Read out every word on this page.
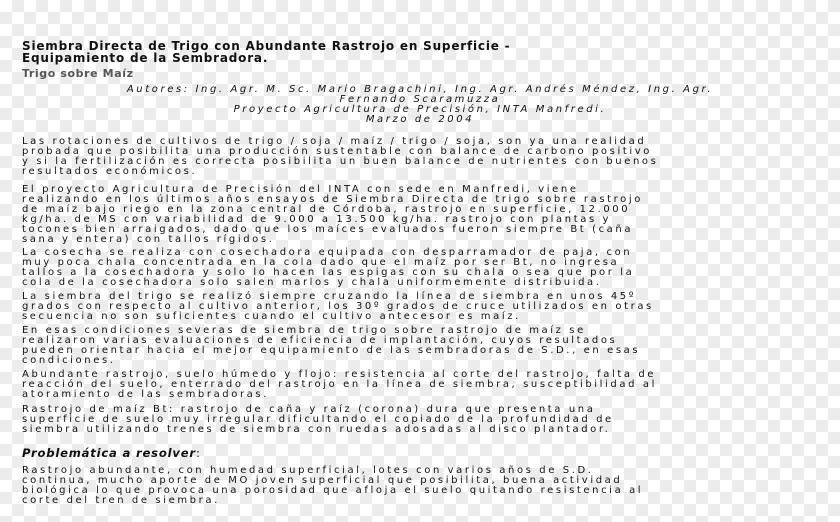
Siembra Directa de Trigo con Abundante Rastrojo en Superficie -
Equipamiento de la Sembradora.
Trigo sobre Maíz
Autores: Ing. Agr. M. Sc. Mario Bragachini, Ing. Agr. Andrés Méndez, Ing. Agr.
Fernando Scaramuzza
Proyecto Agricultura de Precisión, INTA Manfredi.
Marzo de 2004
Las rotaciones de cultivos de trigo / soja / maíz / trigo / soja, son ya una realidad
probada que posibilita una producción sustentable con balance de carbono positivo
y si la fertilización es correcta posibilita un buen balance de nutrientes con buenos
resultados económicos.
El proyecto Agricultura de Precisión del INTA con sede en Manfredi, viene
realizando en los últimos años ensayos de Siembra Directa de trigo sobre rastrojo
de maíz bajo riego en la zona central de Córdoba, rastrojo en superficie, 12.000
kg/ha. de MS con variabilidad de 9.000 a 13.500 kg/ha. rastrojo con plantas y
tocones bien arraigados, dado que los maíces evaluados fueron siempre Bt (caña
sana y entera) con tallos rígidos.
La cosecha se realiza con cosechadora equipada con desparramador de paja, con
muy poca chala concentrada en la cola dado que el maíz por ser Bt, no ingresa
tallos a la cosechadora y solo lo hacen las espigas con su chala o sea que por la
cola de la cosechadora solo salen marlos y chala uniformemente distribuida.
La siembra del trigo se realizó siempre cruzando la línea de siembra en unos 45º
grados con respecto al cultivo anterior, los 30º grados de cruce utilizados en otras
secuencia no son suficientes cuando el cultivo antecesor es maíz.
En esas condiciones severas de siembra de trigo sobre rastrojo de maíz se
realizaron varias evaluaciones de eficiencia de implantación, cuyos resultados
pueden orientar hacia el mejor equipamiento de las sembradoras de S.D., en esas
condiciones.
Abundante rastrojo, suelo húmedo y flojo: resistencia al corte del rastrojo, falta de
reacción del suelo, enterrado del rastrojo en la línea de siembra, susceptibilidad al
atoramiento de las sembradoras.
Rastrojo de maíz Bt: rastrojo de caña y raíz (corona) dura que presenta una
superficie de suelo muy irregular dificultando el copiado de la profundidad de
siembra utilizando trenes de siembra con ruedas adosadas al disco plantador.
Problemática a resolver:
Rastrojo abundante, con humedad superficial, lotes con varios años de S.D.
continua, mucho aporte de MO joven superficial que posibilita, buena actividad
biológica lo que provoca una porosidad que afloja el suelo quitando resistencia al
corte del tren de siembra.
